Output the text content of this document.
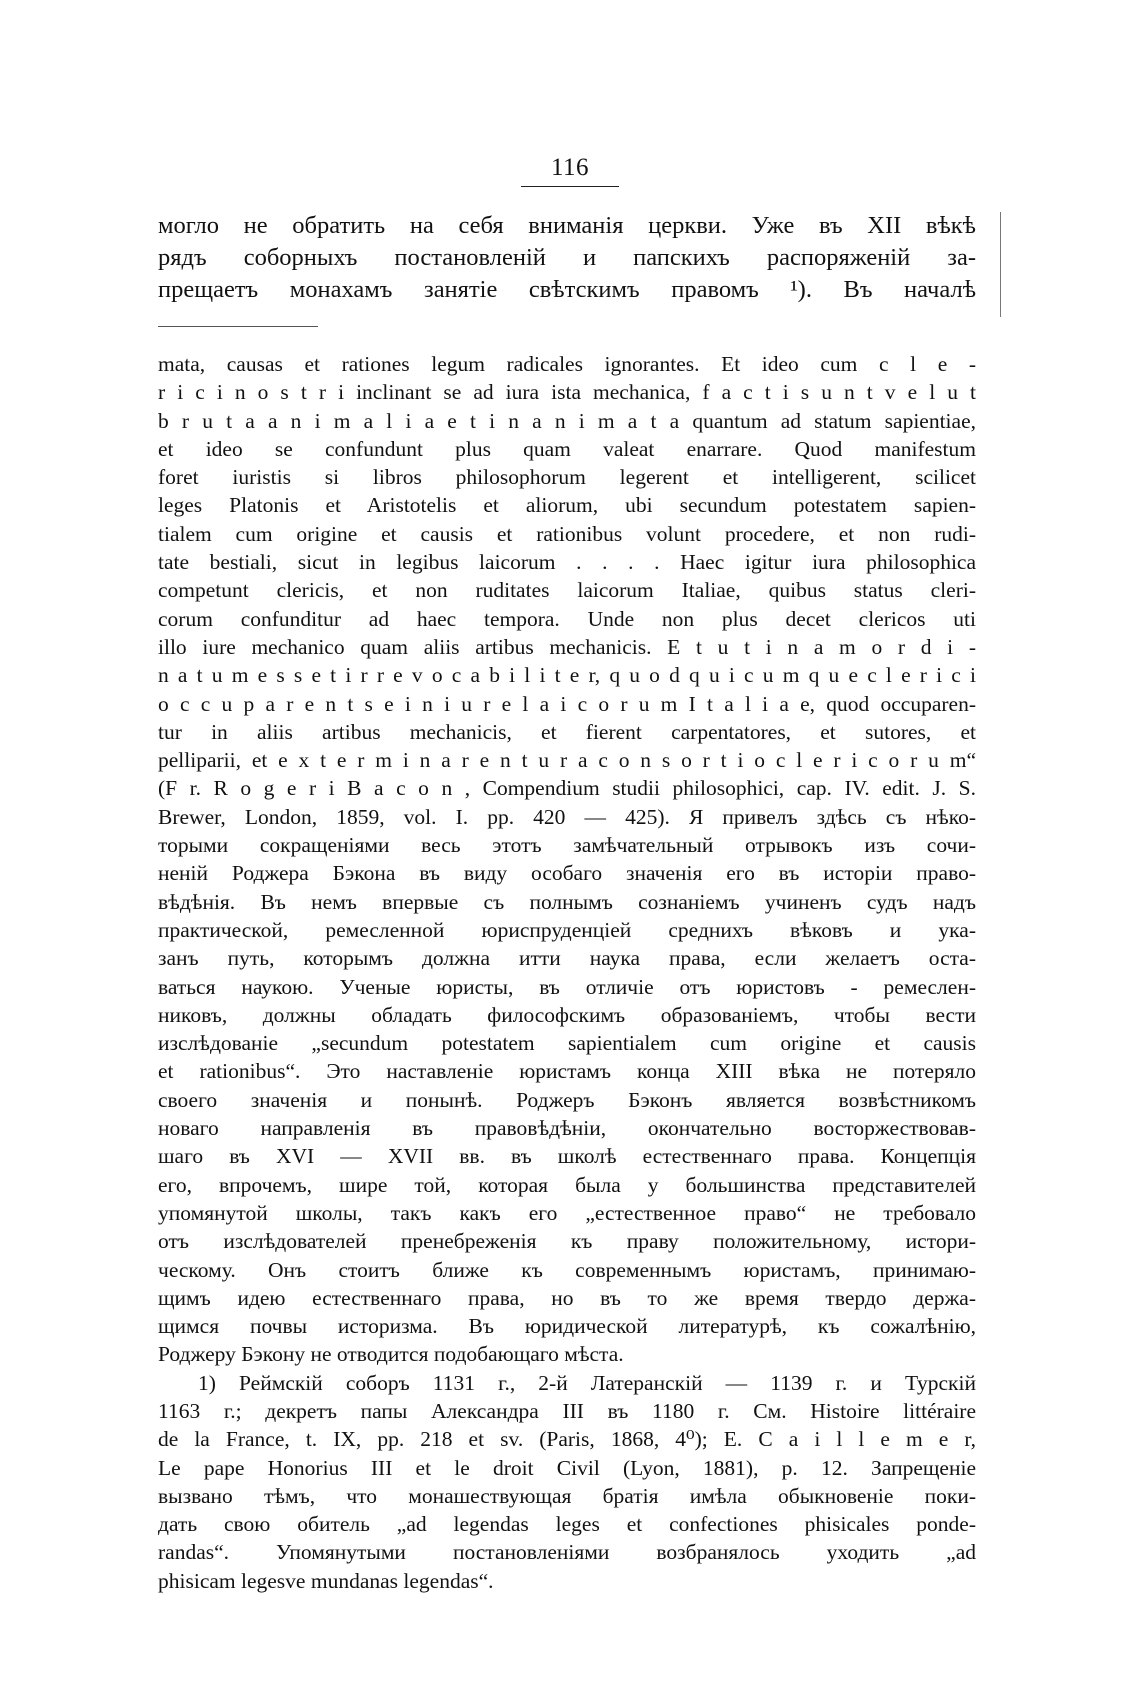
116
могло не обратить на себя вниманія церкви. Уже въ XII вѣкѣ
рядъ соборныхъ постановленій и папскихъ распоряженій за-
прещаетъ монахамъ занятіе свѣтскимъ правомъ ¹). Въ началѣ
mata, causas et rationes legum radicales ignorantes. Et ideo cum c l e -
r i c i n o s t r i inclinant se ad iura ista mechanica, f a c t i s u n t v e l u t
b r u t a a n i m a l i a e t i n a n i m a t a quantum ad statum sapientiae,
et ideo se confundunt plus quam valeat enarrare. Quod manifestum
foret iuristis si libros philosophorum legerent et intelligerent, scilicet
leges Platonis et Aristotelis et aliorum, ubi secundum potestatem sapien-
tialem cum origine et causis et rationibus volunt procedere, et non rudi-
tate bestiali, sicut in legibus laicorum . . . . Haec igitur iura philosophica
competunt clericis, et non ruditates laicorum Italiae, quibus status cleri-
corum confunditur ad haec tempora. Unde non plus decet clericos uti
illo iure mechanico quam aliis artibus mechanicis. E t u t i n a m o r d i -
n a t u m e s s e t i r r e v o c a b i l i t e r, q u o d q u i c u m q u e c l e r i c i
o c c u p a r e n t s e i n i u r e l a i c o r u m I t a l i a e, quod occuparen-
tur in aliis artibus mechanicis, et fierent carpentatores, et sutores, et
pelliparii, et e x t e r m i n a r e n t u r a c o n s o r t i o c l e r i c o r u m“
(F r. R o g e r i B a c o n , Compendium studii philosophici, cap. IV. edit. J. S.
Brewer, London, 1859, vol. I. pp. 420 — 425). Я привелъ здѣсь съ нѣко-
торыми сокращеніями весь этотъ замѣчательный отрывокъ изъ сочи-
неній Роджера Бэкона въ виду особаго значенія его въ исторіи право-
вѣдѣнія. Въ немъ впервые съ полнымъ сознаніемъ учиненъ судъ надъ
практической, ремесленной юриспруденціей среднихъ вѣковъ и ука-
занъ путь, которымъ должна итти наука права, если желаетъ оста-
ваться наукою. Ученые юристы, въ отличіе отъ юристовъ - ремеслен-
никовъ, должны обладать философскимъ образованіемъ, чтобы вести
изслѣдованіе „secundum potestatem sapientialem cum origine et causis
et rationibus“. Это наставленіе юристамъ конца XIII вѣка не потеряло
своего значенія и понынѣ. Роджеръ Бэконъ является возвѣстникомъ
новаго направленія въ правовѣдѣніи, окончательно восторжествовав-
шаго въ XVI — XVII вв. въ школѣ естественнаго права. Концепція
его, впрочемъ, шире той, которая была у большинства представителей
упомянутой школы, такъ какъ его „естественное право“ не требовало
отъ изслѣдователей пренебреженія къ праву положительному, истори-
ческому. Онъ стоитъ ближе къ современнымъ юристамъ, принимаю-
щимъ идею естественнаго права, но въ то же время твердо держа-
щимся почвы историзма. Въ юридической литературѣ, къ сожалѣнію,
Роджеру Бэкону не отводится подобающаго мѣста.
1) Реймскій соборъ 1131 г., 2-й Латеранскій — 1139 г. и Турскій
1163 г.; декретъ папы Александра III въ 1180 г. См. Histoire littéraire
de la France, t. IX, pp. 218 et sv. (Paris, 1868, 4⁰); E. C a i l l e m e r,
Le pape Honorius III et le droit Civil (Lyon, 1881), p. 12. Запрещеніе
вызвано тѣмъ, что монашествующая братія имѣла обыкновеніе поки-
дать свою обитель „ad legendas leges et confectiones phisicales ponde-
randas“. Упомянутыми постановленіями возбранялось уходить „ad
phisicam legesve mundanas legendas“.
